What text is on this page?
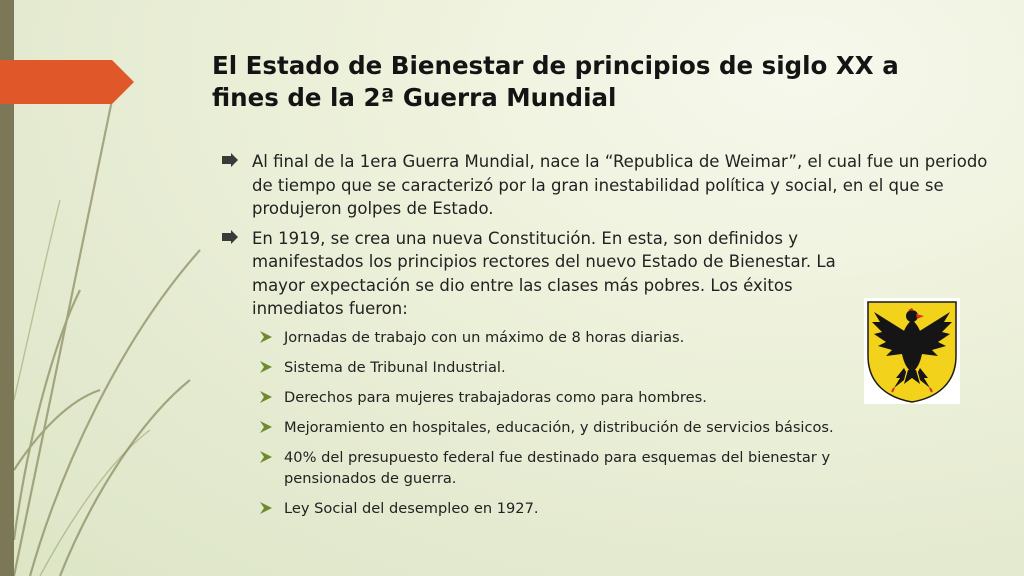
El Estado de Bienestar de principios de siglo XX a fines de la 2ª Guerra Mundial
Al final de la 1era Guerra Mundial, nace la “Republica de Weimar”, el cual fue un periodo de tiempo que se caracterizó por la gran inestabilidad política y social, en el que se produjeron golpes de Estado.
En 1919, se crea una nueva Constitución. En esta, son definidos y manifestados los principios rectores del nuevo Estado de Bienestar. La mayor expectación se dio entre las clases más pobres. Los éxitos inmediatos fueron:
Jornadas de trabajo con un máximo de 8 horas diarias.
Sistema de Tribunal Industrial.
Derechos para mujeres trabajadoras como para hombres.
Mejoramiento en hospitales, educación, y distribución de servicios básicos.
40% del presupuesto federal fue destinado para esquemas del bienestar y pensionados de guerra.
Ley Social del desempleo en 1927.
